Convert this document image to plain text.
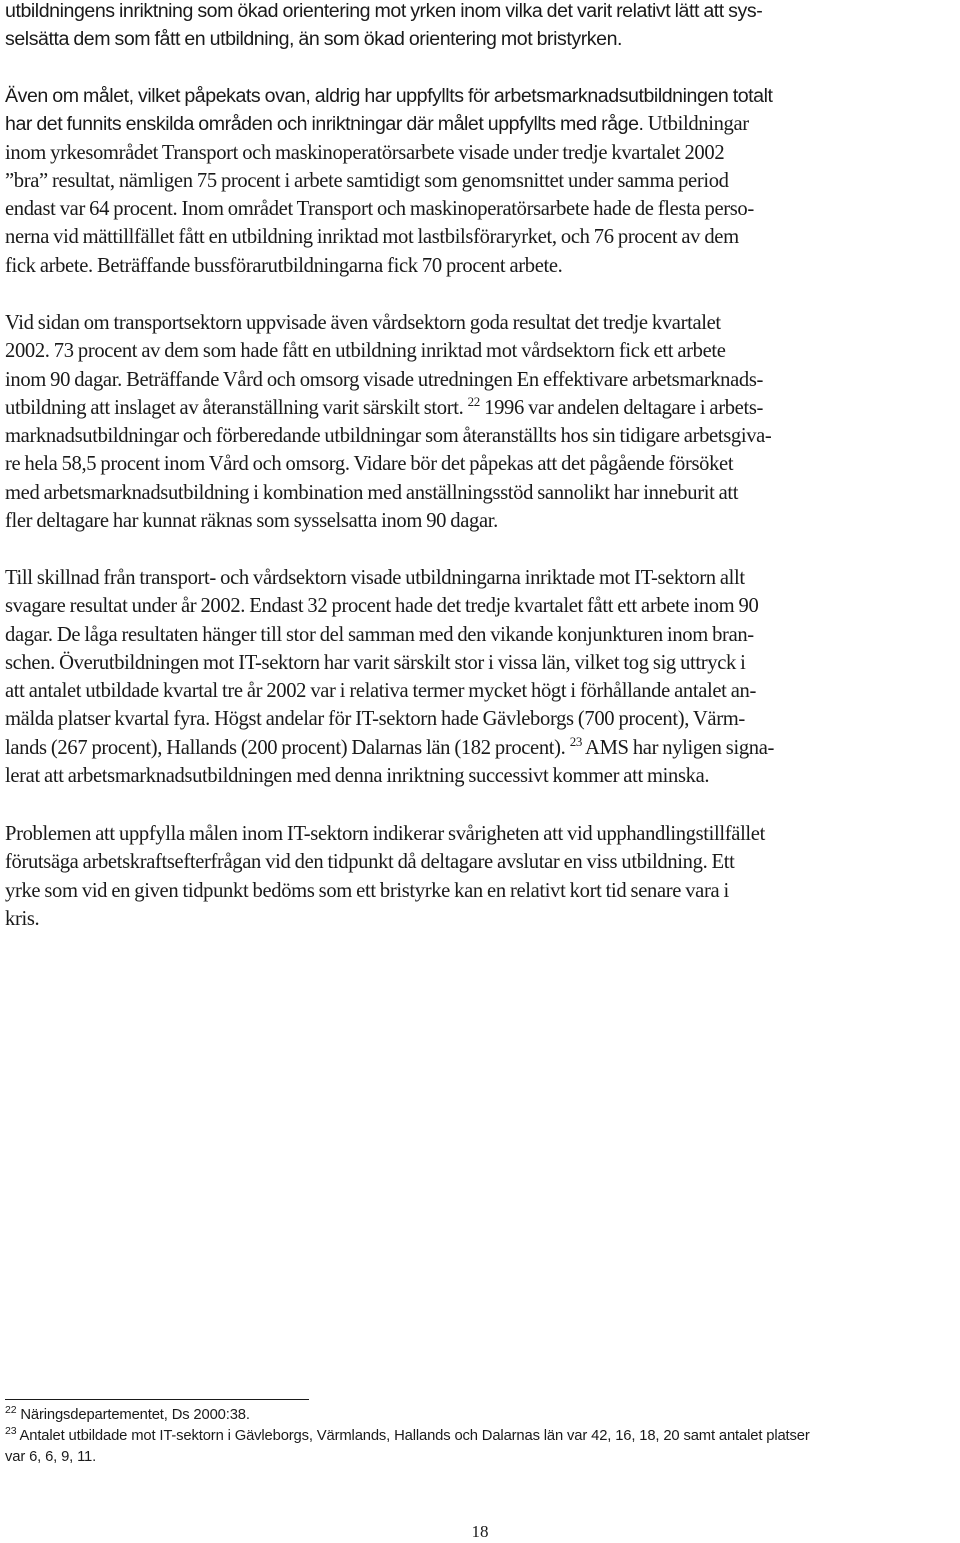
utbildningens inriktning som ökad orientering mot yrken inom vilka det varit relativt lätt att sys-
selsätta dem som fått en utbildning, än som ökad orientering mot bristyrken.
Även om målet, vilket påpekats ovan, aldrig har uppfyllts för arbetsmarknadsutbildningen totalt
har det funnits enskilda områden och inriktningar där målet uppfyllts med råge. Utbildningar
inom yrkesområdet Transport och maskinoperatörsarbete visade under tredje kvartalet 2002
”bra” resultat, nämligen 75 procent i arbete samtidigt som genomsnittet under samma period
endast var 64 procent. Inom området Transport och maskinoperatörsarbete hade de flesta perso-
nerna vid mättillfället fått en utbildning inriktad mot lastbilsföraryrket, och 76 procent av dem
fick arbete. Beträffande bussförarutbildningarna fick 70 procent arbete.
Vid sidan om transportsektorn uppvisade även vårdsektorn goda resultat det tredje kvartalet
2002. 73 procent av dem som hade fått en utbildning inriktad mot vårdsektorn fick ett arbete
inom 90 dagar. Beträffande Vård och omsorg visade utredningen En effektivare arbetsmarknads-
utbildning att inslaget av återanställning varit särskilt stort. $^{22}$ 1996 var andelen deltagare i arbets-
marknadsutbildningar och förberedande utbildningar som återanställts hos sin tidigare arbetsgiva-
re hela 58,5 procent inom Vård och omsorg. Vidare bör det påpekas att det pågående försöket
med arbetsmarknadsutbildning i kombination med anställningsstöd sannolikt har inneburit att
fler deltagare har kunnat räknas som sysselsatta inom 90 dagar.
Till skillnad från transport- och vårdsektorn visade utbildningarna inriktade mot IT-sektorn allt
svagare resultat under år 2002. Endast 32 procent hade det tredje kvartalet fått ett arbete inom 90
dagar. De låga resultaten hänger till stor del samman med den vikande konjunkturen inom bran-
schen. Överutbildningen mot IT-sektorn har varit särskilt stor i vissa län, vilket tog sig uttryck i
att antalet utbildade kvartal tre år 2002 var i relativa termer mycket högt i förhållande antalet an-
mälda platser kvartal fyra. Högst andelar för IT-sektorn hade Gävleborgs (700 procent), Värm-
lands (267 procent), Hallands (200 procent) Dalarnas län (182 procent). $^{23}$ AMS har nyligen signa-
lerat att arbetsmarknadsutbildningen med denna inriktning successivt kommer att minska.
Problemen att uppfylla målen inom IT-sektorn indikerar svårigheten att vid upphandlingstillfället
förutsäga arbetskraftsefterfrågan vid den tidpunkt då deltagare avslutar en viss utbildning. Ett
yrke som vid en given tidpunkt bedöms som ett bristyrke kan en relativt kort tid senare vara i
kris.
$^{22}$ Näringsdepartementet, Ds 2000:38.
$^{23}$ Antalet utbildade mot IT-sektorn i Gävleborgs, Värmlands, Hallands och Dalarnas län var 42, 16, 18, 20 samt antalet platser
var 6, 6, 9, 11.
18
